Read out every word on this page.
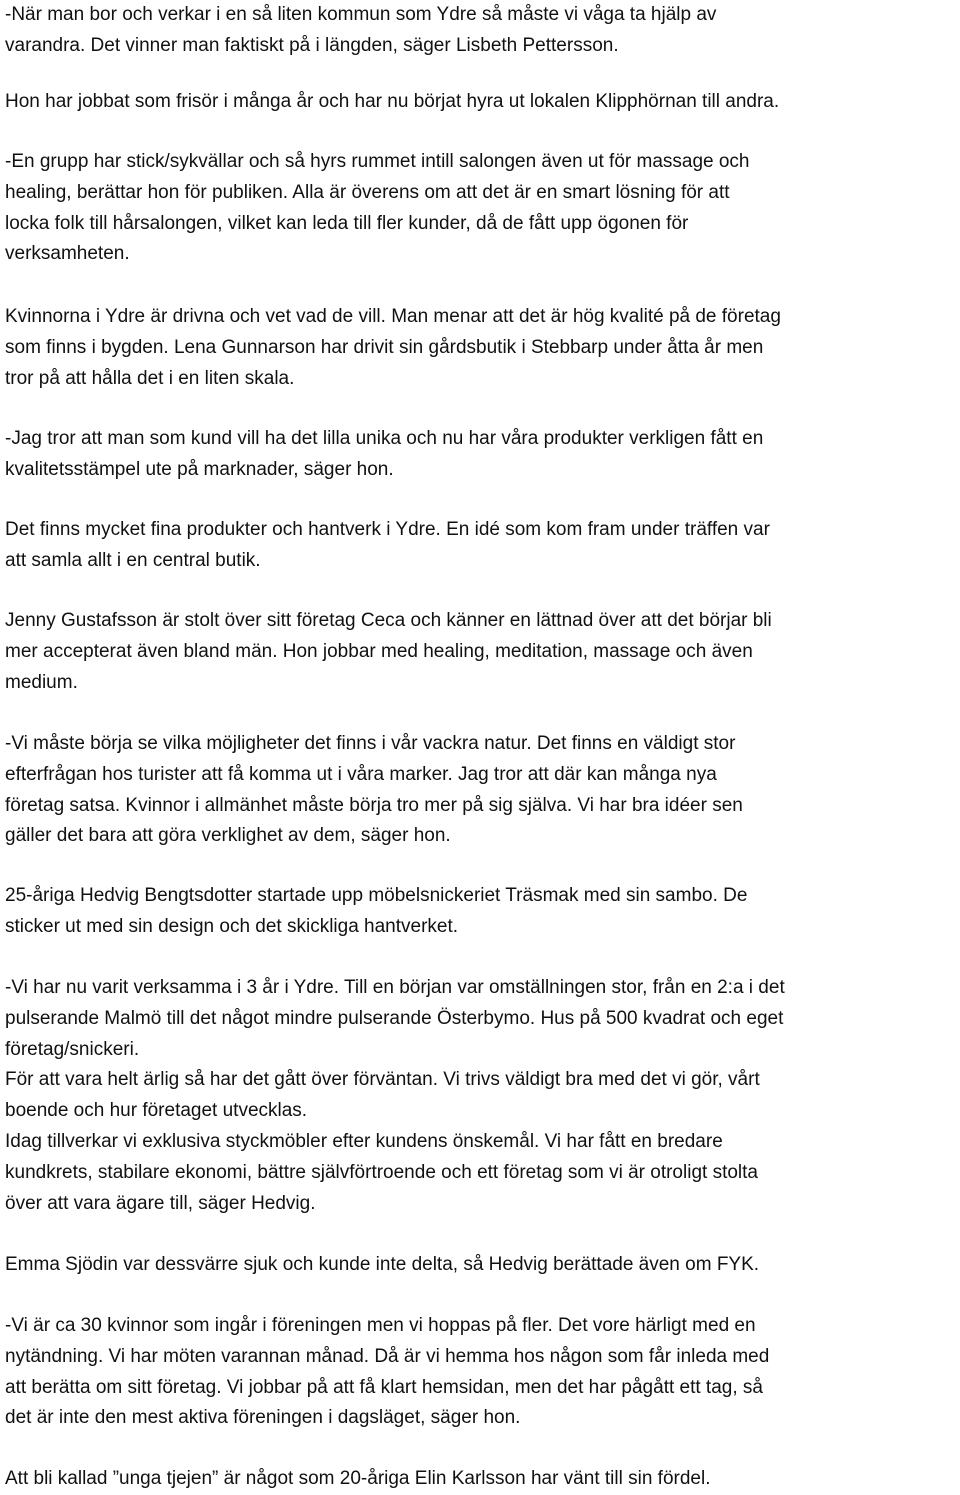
-När man bor och verkar i en så liten kommun som Ydre så måste vi våga ta hjälp av
varandra. Det vinner man faktiskt på i längden, säger Lisbeth Pettersson.
Hon har jobbat som frisör i många år och har nu börjat hyra ut lokalen Klipphörnan till andra.
-En grupp har stick/sykvällar och så hyrs rummet intill salongen även ut för massage och
healing, berättar hon för publiken. Alla är överens om att det är en smart lösning för att
locka folk till hårsalongen, vilket kan leda till fler kunder, då de fått upp ögonen för
verksamheten.
Kvinnorna i Ydre är drivna och vet vad de vill. Man menar att det är hög kvalité på de företag
som finns i bygden. Lena Gunnarson har drivit sin gårdsbutik i Stebbarp under åtta år men
tror på att hålla det i en liten skala.
-Jag tror att man som kund vill ha det lilla unika och nu har våra produkter verkligen fått en
kvalitetsstämpel ute på marknader, säger hon.
Det finns mycket fina produkter och hantverk i Ydre. En idé som kom fram under träffen var
att samla allt i en central butik.
Jenny Gustafsson är stolt över sitt företag Ceca och känner en lättnad över att det börjar bli
mer accepterat även bland män. Hon jobbar med healing, meditation, massage och även
medium.
-Vi måste börja se vilka möjligheter det finns i vår vackra natur. Det finns en väldigt stor
efterfrågan hos turister att få komma ut i våra marker. Jag tror att där kan många nya
företag satsa. Kvinnor i allmänhet måste börja tro mer på sig själva. Vi har bra idéer sen
gäller det bara att göra verklighet av dem, säger hon.
25-åriga Hedvig Bengtsdotter startade upp möbelsnickeriet Träsmak med sin sambo. De
sticker ut med sin design och det skickliga hantverket.
-Vi har nu varit verksamma i 3 år i Ydre. Till en början var omställningen stor, från en 2:a i det
pulserande Malmö till det något mindre pulserande Österbymo. Hus på 500 kvadrat och eget
företag/snickeri.
För att vara helt ärlig så har det gått över förväntan. Vi trivs väldigt bra med det vi gör, vårt
boende och hur företaget utvecklas.
Idag tillverkar vi exklusiva styckmöbler efter kundens önskemål. Vi har fått en bredare
kundkrets, stabilare ekonomi, bättre självförtroende och ett företag som vi är otroligt stolta
över att vara ägare till, säger Hedvig.
Emma Sjödin var dessvärre sjuk och kunde inte delta, så Hedvig berättade även om FYK.
-Vi är ca 30 kvinnor som ingår i föreningen men vi hoppas på fler. Det vore härligt med en
nytändning. Vi har möten varannan månad. Då är vi hemma hos någon som får inleda med
att berätta om sitt företag. Vi jobbar på att få klart hemsidan, men det har pågått ett tag, så
det är inte den mest aktiva föreningen i dagsläget, säger hon.
Att bli kallad ”unga tjejen” är något som 20-åriga Elin Karlsson har vänt till sin fördel.
